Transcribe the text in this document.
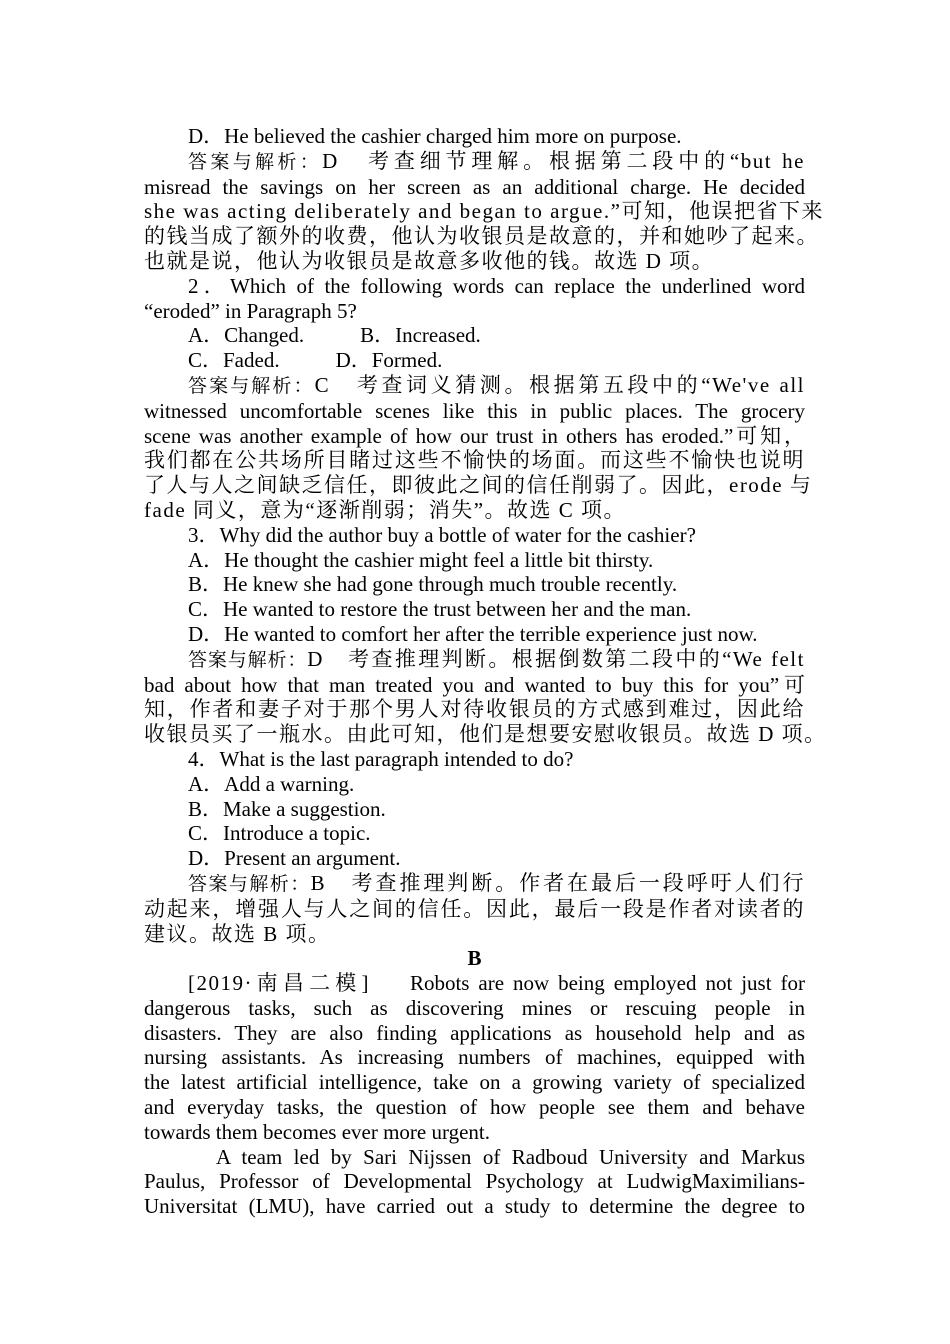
D．He believed the cashier charged him more on purpose.

答案与解析：D　考查细节理解。根据第二段中的“but he

misread the savings on her screen as an additional charge. He decided

she was acting deliberately and began to argue.”可知，他误把省下来

的钱当成了额外的收费，他认为收银员是故意的，并和她吵了起来。

也就是说，他认为收银员是故意多收他的钱。故选 D 项。

2．Which of the following words can replace the underlined word

“eroded” in Paragraph 5?

A．Changed.	B．Increased.

C．Faded.	D．Formed.

答案与解析：C　考查词义猜测。根据第五段中的“We've all

witnessed uncomfortable scenes like this in public places. The grocery

scene was another example of how our trust in others has eroded.”可知，

我们都在公共场所目睹过这些不愉快的场面。而这些不愉快也说明

了人与人之间缺乏信任，即彼此之间的信任削弱了。因此，erode 与

fade 同义，意为“逐渐削弱；消失”。故选 C 项。

3．Why did the author buy a bottle of water for the cashier?

A．He thought the cashier might feel a little bit thirsty.

B．He knew she had gone through much trouble recently.

C．He wanted to restore the trust between her and the man.

D．He wanted to comfort her after the terrible experience just now.

答案与解析：D　考查推理判断。根据倒数第二段中的“We felt

bad about how that man treated you and wanted to buy this for you”可

知，作者和妻子对于那个男人对待收银员的方式感到难过，因此给

收银员买了一瓶水。由此可知，他们是想要安慰收银员。故选 D 项。

4．What is the last paragraph intended to do?

A．Add a warning.

B．Make a suggestion.

C．Introduce a topic.

D．Present an argument.

答案与解析：B　考查推理判断。作者在最后一段呼吁人们行

动起来，增强人与人之间的信任。因此，最后一段是作者对读者的

建议。故选 B 项。

B

[2019·南昌二模] Robots are now being employed not just for

dangerous tasks, such as discovering mines or rescuing people in

disasters. They are also finding applications as household help and as

nursing assistants. As increasing numbers of machines, equipped with

the latest artificial intelligence, take on a growing variety of specialized

and everyday tasks, the question of how people see them and behave

towards them becomes ever more urgent.

A team led by Sari Nijssen of Radboud University and Markus

Paulus, Professor of Developmental Psychology at LudwigMaximilians-

Universitat (LMU), have carried out a study to determine the degree to
